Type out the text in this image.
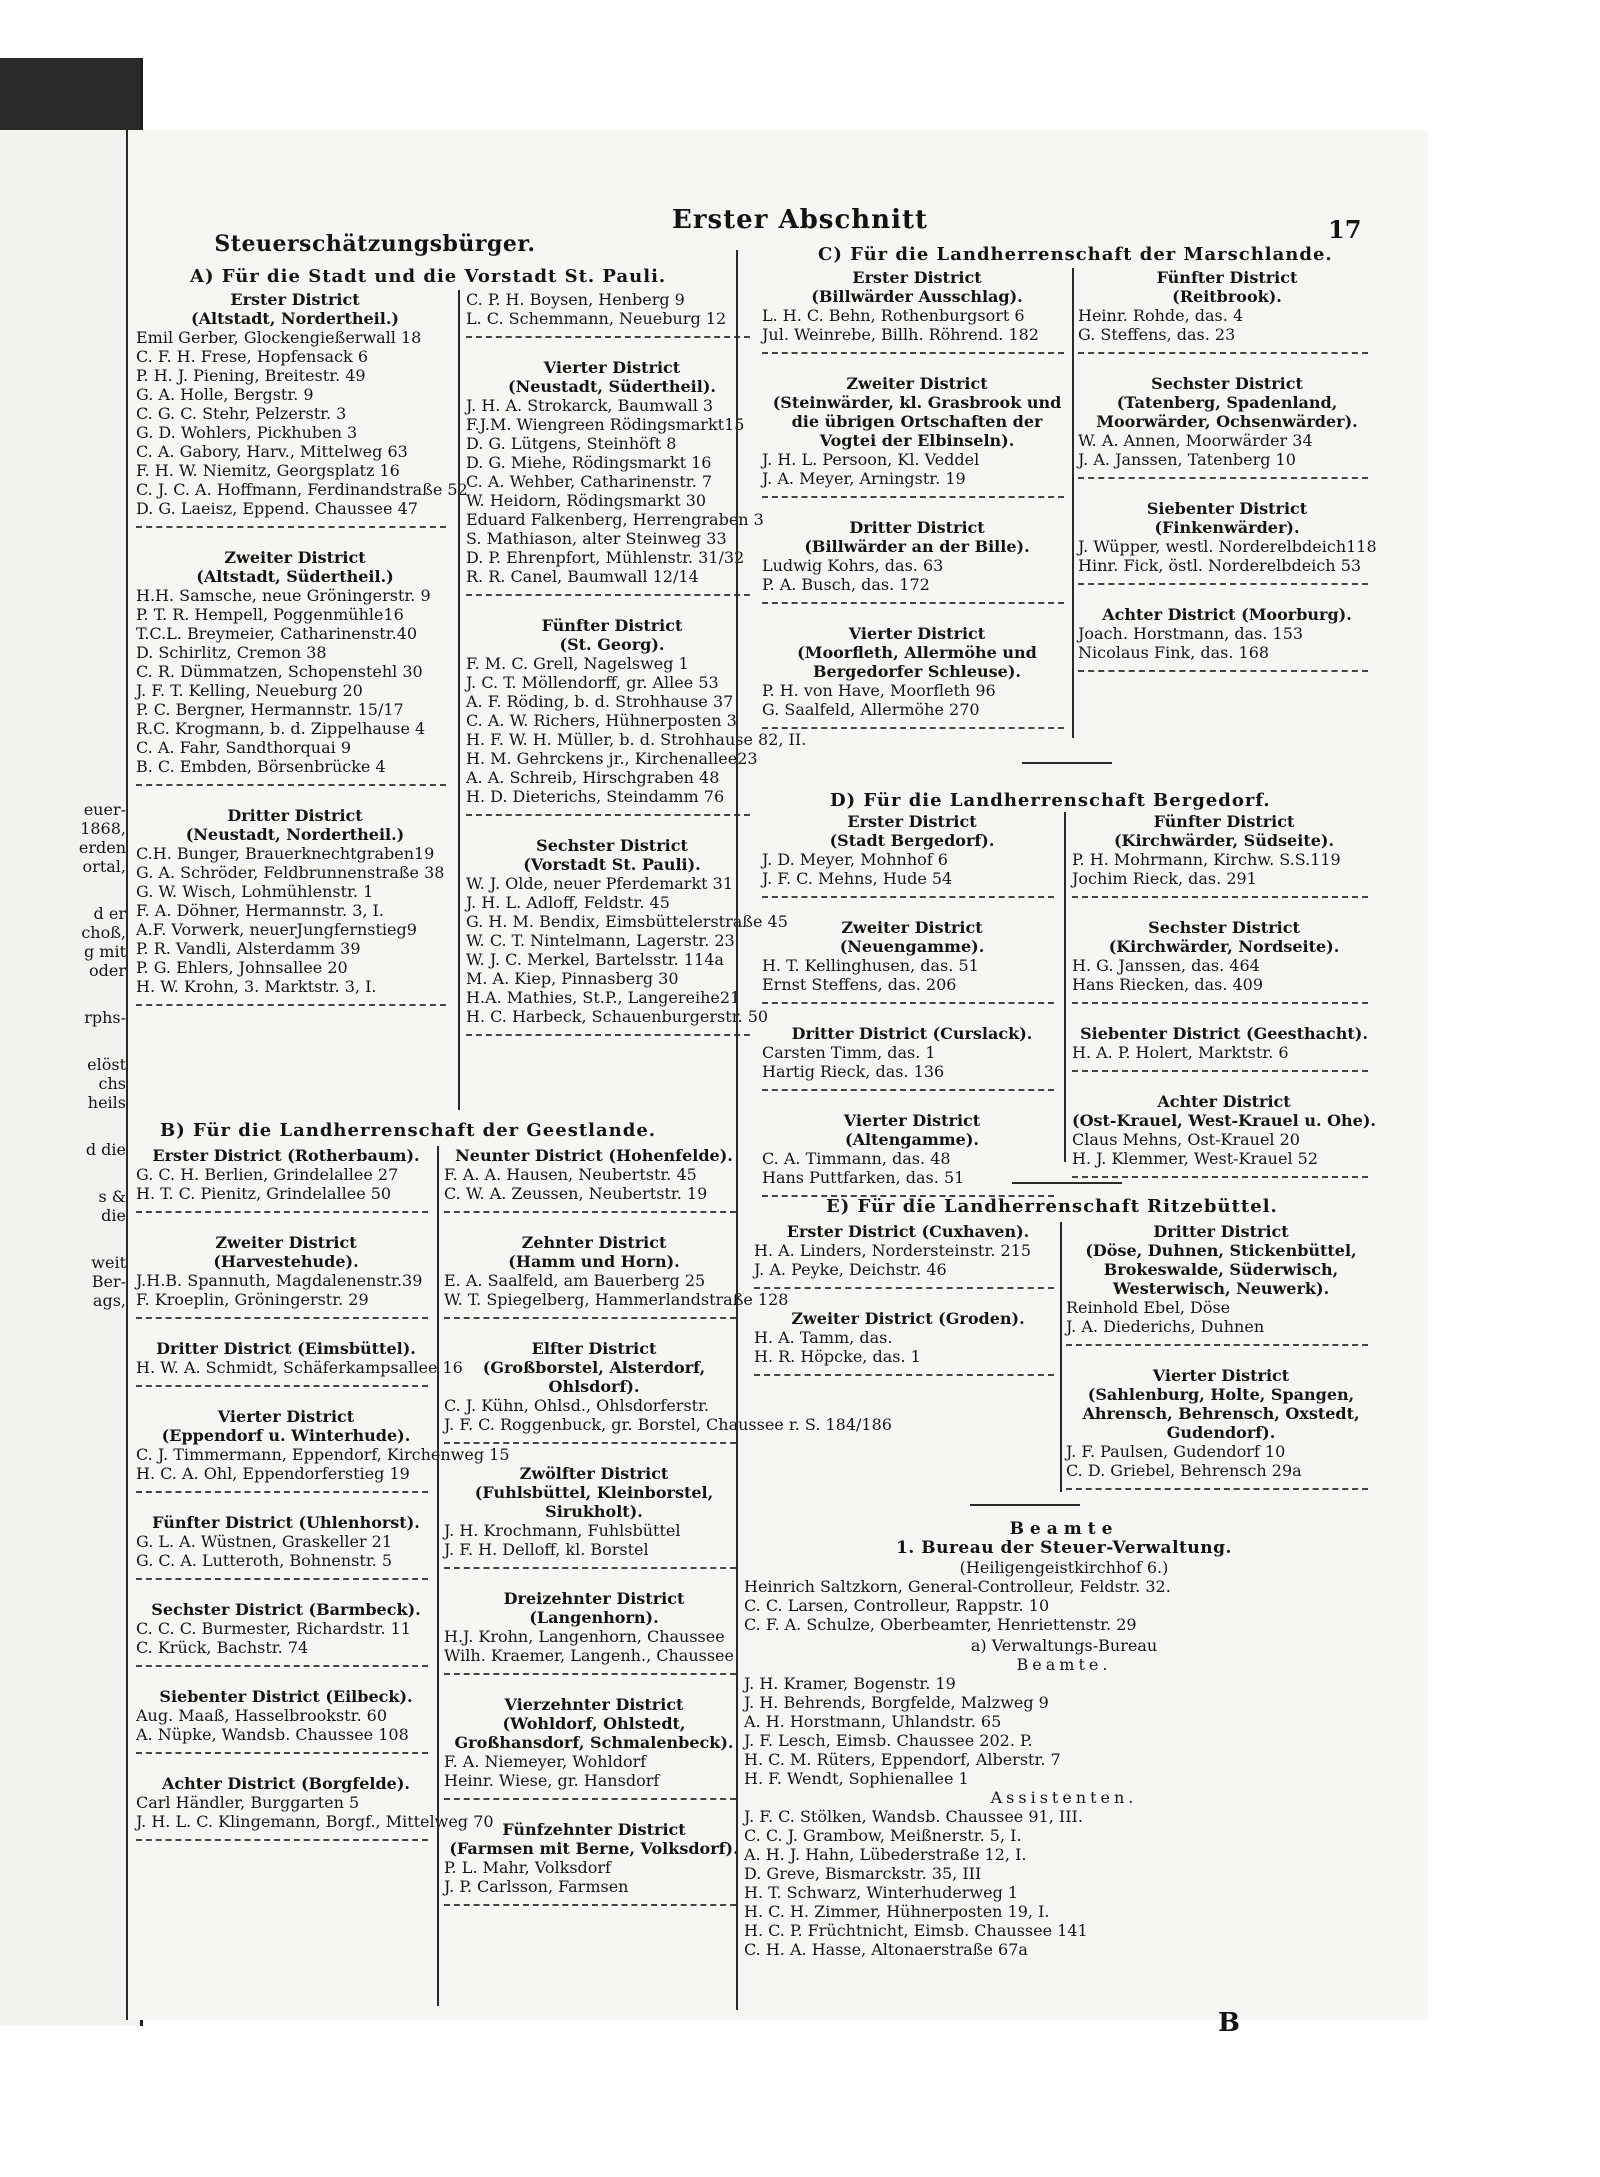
euer-
1868,
erden
ortal,
d er
choß,
g mit
oder
rphs-
elöst
chs
heils
d die
s &
die
weit
Ber-
ags,
Erster Abschnitt	17
B
Steuerschätzungsbürger.
A) Für die Stadt und die Vorstadt St. Pauli.
Erster District
(Altstadt, Nordertheil.)
Emil Gerber, Glockengießerwall 18
C. F. H. Frese, Hopfensack 6
P. H. J. Piening, Breitestr. 49
G. A. Holle, Bergstr. 9
C. G. C. Stehr, Pelzerstr. 3
G. D. Wohlers, Pickhuben 3
C. A. Gabory, Harv., Mittelweg 63
F. H. W. Niemitz, Georgsplatz 16
C. J. C. A. Hoffmann, Ferdinandstraße 52
D. G. Laeisz, Eppend. Chaussee 47
Zweiter District
(Altstadt, Südertheil.)
H.H. Samsche, neue Gröningerstr. 9
P. T. R. Hempell, Poggenmühle16
T.C.L. Breymeier, Catharinenstr.40
D. Schirlitz, Cremon 38
C. R. Dümmatzen, Schopenstehl 30
J. F. T. Kelling, Neueburg 20
P. C. Bergner, Hermannstr. 15/17
R.C. Krogmann, b. d. Zippelhause 4
C. A. Fahr, Sandthorquai 9
B. C. Embden, Börsenbrücke 4
Dritter District
(Neustadt, Nordertheil.)
C.H. Bunger, Brauerknechtgraben19
G. A. Schröder, Feldbrunnenstraße 38
G. W. Wisch, Lohmühlenstr. 1
F. A. Döhner, Hermannstr. 3, I.
A.F. Vorwerk, neuerJungfernstieg9
P. R. Vandli, Alsterdamm 39
P. G. Ehlers, Johnsallee 20
H. W. Krohn, 3. Marktstr. 3, I.
C. P. H. Boysen, Henberg 9
L. C. Schemmann, Neueburg 12
Vierter District
(Neustadt, Südertheil).
J. H. A. Strokarck, Baumwall 3
F.J.M. Wiengreen Rödingsmarkt15
D. G. Lütgens, Steinhöft 8
D. G. Miehe, Rödingsmarkt 16
C. A. Wehber, Catharinenstr. 7
W. Heidorn, Rödingsmarkt 30
Eduard Falkenberg, Herrengraben 3
S. Mathiason, alter Steinweg 33
D. P. Ehrenpfort, Mühlenstr. 31/32
R. R. Canel, Baumwall 12/14
Fünfter District
(St. Georg).
F. M. C. Grell, Nagelsweg 1
J. C. T. Möllendorff, gr. Allee 53
A. F. Röding, b. d. Strohhause 37
C. A. W. Richers, Hühnerposten 3
H. F. W. H. Müller, b. d. Strohhause 82, II.
H. M. Gehrckens jr., Kirchenallee23
A. A. Schreib, Hirschgraben 48
H. D. Dieterichs, Steindamm 76
Sechster District
(Vorstadt St. Pauli).
W. J. Olde, neuer Pferdemarkt 31
J. H. L. Adloff, Feldstr. 45
G. H. M. Bendix, Eimsbüttelerstraße 45
W. C. T. Nintelmann, Lagerstr. 23
W. J. C. Merkel, Bartelsstr. 114a
M. A. Kiep, Pinnasberg 30
H.A. Mathies, St.P., Langereihe21
H. C. Harbeck, Schauenburgerstr. 50
B) Für die Landherrenschaft der Geestlande.
Erster District (Rotherbaum).
G. C. H. Berlien, Grindelallee 27
H. T. C. Pienitz, Grindelallee 50
Zweiter District
(Harvestehude).
J.H.B. Spannuth, Magdalenenstr.39
F. Kroeplin, Gröningerstr. 29
Dritter District (Eimsbüttel).
H. W. A. Schmidt, Schäferkampsallee 16
Vierter District
(Eppendorf u. Winterhude).
C. J. Timmermann, Eppendorf, Kirchenweg 15
H. C. A. Ohl, Eppendorferstieg 19
Fünfter District (Uhlenhorst).
G. L. A. Wüstnen, Graskeller 21
G. C. A. Lutteroth, Bohnenstr. 5
Sechster District (Barmbeck).
C. C. C. Burmester, Richardstr. 11
C. Krück, Bachstr. 74
Siebenter District (Eilbeck).
Aug. Maaß, Hasselbrookstr. 60
A. Nüpke, Wandsb. Chaussee 108
Achter District (Borgfelde).
Carl Händler, Burggarten 5
J. H. L. C. Klingemann, Borgf., Mittelweg 70
Neunter District (Hohenfelde).
F. A. A. Hausen, Neubertstr. 45
C. W. A. Zeussen, Neubertstr. 19
Zehnter District
(Hamm und Horn).
E. A. Saalfeld, am Bauerberg 25
W. T. Spiegelberg, Hammerlandstraße 128
Elfter District
(Großborstel, Alsterdorf, Ohlsdorf).
C. J. Kühn, Ohlsd., Ohlsdorferstr.
J. F. C. Roggenbuck, gr. Borstel, Chaussee r. S. 184/186
Zwölfter District
(Fuhlsbüttel, Kleinborstel, Sirukholt).
J. H. Krochmann, Fuhlsbüttel
J. F. H. Delloff, kl. Borstel
Dreizehnter District
(Langenhorn).
H.J. Krohn, Langenhorn, Chaussee
Wilh. Kraemer, Langenh., Chaussee
Vierzehnter District
(Wohldorf, Ohlstedt, Großhansdorf, Schmalenbeck).
F. A. Niemeyer, Wohldorf
Heinr. Wiese, gr. Hansdorf
Fünfzehnter District
(Farmsen mit Berne, Volksdorf).
P. L. Mahr, Volksdorf
J. P. Carlsson, Farmsen
C) Für die Landherrenschaft der Marschlande.
Erster District
(Billwärder Ausschlag).
L. H. C. Behn, Rothenburgsort 6
Jul. Weinrebe, Billh. Röhrend. 182
Zweiter District
(Steinwärder, kl. Grasbrook und die übrigen Ortschaften der Vogtei der Elbinseln).
J. H. L. Persoon, Kl. Veddel
J. A. Meyer, Arningstr. 19
Dritter District
(Billwärder an der Bille).
Ludwig Kohrs, das. 63
P. A. Busch, das. 172
Vierter District
(Moorfleth, Allermöhe und Bergedorfer Schleuse).
P. H. von Have, Moorfleth 96
G. Saalfeld, Allermöhe 270
Fünfter District
(Reitbrook).
Heinr. Rohde, das. 4
G. Steffens, das. 23
Sechster District
(Tatenberg, Spadenland, Moorwärder, Ochsenwärder).
W. A. Annen, Moorwärder 34
J. A. Janssen, Tatenberg 10
Siebenter District
(Finkenwärder).
J. Wüpper, westl. Norderelbdeich118
Hinr. Fick, östl. Norderelbdeich 53
Achter District (Moorburg).
Joach. Horstmann, das. 153
Nicolaus Fink, das. 168
D) Für die Landherrenschaft Bergedorf.
Erster District
(Stadt Bergedorf).
J. D. Meyer, Mohnhof 6
J. F. C. Mehns, Hude 54
Zweiter District
(Neuengamme).
H. T. Kellinghusen, das. 51
Ernst Steffens, das. 206
Dritter District (Curslack).
Carsten Timm, das. 1
Hartig Rieck, das. 136
Vierter District
(Altengamme).
C. A. Timmann, das. 48
Hans Puttfarken, das. 51
Fünfter District
(Kirchwärder, Südseite).
P. H. Mohrmann, Kirchw. S.S.119
Jochim Rieck, das. 291
Sechster District
(Kirchwärder, Nordseite).
H. G. Janssen, das. 464
Hans Riecken, das. 409
Siebenter District (Geesthacht).
H. A. P. Holert, Marktstr. 6
Achter District
(Ost-Krauel, West-Krauel u. Ohe).
Claus Mehns, Ost-Krauel 20
H. J. Klemmer, West-Krauel 52
E) Für die Landherrenschaft Ritzebüttel.
Erster District (Cuxhaven).
H. A. Linders, Nordersteinstr. 215
J. A. Peyke, Deichstr. 46
Zweiter District (Groden).
H. A. Tamm, das.
H. R. Höpcke, das. 1
Dritter District
(Döse, Duhnen, Stickenbüttel, Brokeswalde, Süderwisch, Westerwisch, Neuwerk).
Reinhold Ebel, Döse
J. A. Diederichs, Duhnen
Vierter District
(Sahlenburg, Holte, Spangen, Ahrensch, Behrensch, Oxstedt, Gudendorf).
J. F. Paulsen, Gudendorf 10
C. D. Griebel, Behrensch 29a
Beamte
1. Bureau der Steuer-Verwaltung.
(Heiligengeistkirchhof 6.)
Heinrich Saltzkorn, General-Controlleur, Feldstr. 32.
C. C. Larsen, Controlleur, Rappstr. 10
C. F. A. Schulze, Oberbeamter, Henriettenstr. 29
a) Verwaltungs-Bureau
Beamte.
J. H. Kramer, Bogenstr. 19
J. H. Behrends, Borgfelde, Malzweg 9
A. H. Horstmann, Uhlandstr. 65
J. F. Lesch, Eimsb. Chaussee 202. P.
H. C. M. Rüters, Eppendorf, Alberstr. 7
H. F. Wendt, Sophienallee 1
Assistenten.
J. F. C. Stölken, Wandsb. Chaussee 91, III.
C. C. J. Grambow, Meißnerstr. 5, I.
A. H. J. Hahn, Lübederstraße 12, I.
D. Greve, Bismarckstr. 35, III
H. T. Schwarz, Winterhuderweg 1
H. C. H. Zimmer, Hühnerposten 19, I.
H. C. P. Früchtnicht, Eimsb. Chaussee 141
C. H. A. Hasse, Altonaerstraße 67a
